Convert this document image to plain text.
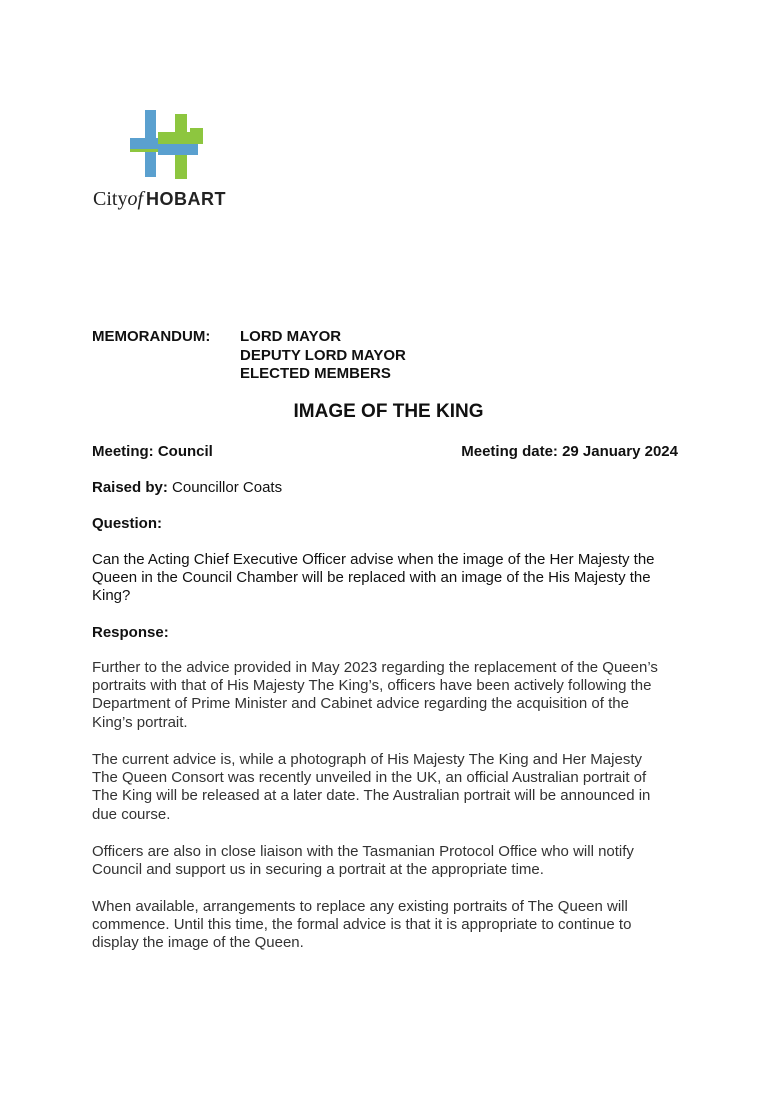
Cityof HOBART
MEMORANDUM:	LORD MAYOR
DEPUTY LORD MAYOR
ELECTED MEMBERS
IMAGE OF THE KING
Meeting: Council	Meeting date: 29 January 2024
Raised by: Councillor Coats
Question:
Can the Acting Chief Executive Officer advise when the image of the Her Majesty the
Queen in the Council Chamber will be replaced with an image of the His Majesty the
King?
Response:
Further to the advice provided in May 2023 regarding the replacement of the Queen’s
portraits with that of His Majesty The King’s, officers have been actively following the
Department of Prime Minister and Cabinet advice regarding the acquisition of the
King’s portrait.
The current advice is, while a photograph of His Majesty The King and Her Majesty
The Queen Consort was recently unveiled in the UK, an official Australian portrait of
The King will be released at a later date. The Australian portrait will be announced in
due course.
Officers are also in close liaison with the Tasmanian Protocol Office who will notify
Council and support us in securing a portrait at the appropriate time.
When available, arrangements to replace any existing portraits of The Queen will
commence. Until this time, the formal advice is that it is appropriate to continue to
display the image of the Queen.
